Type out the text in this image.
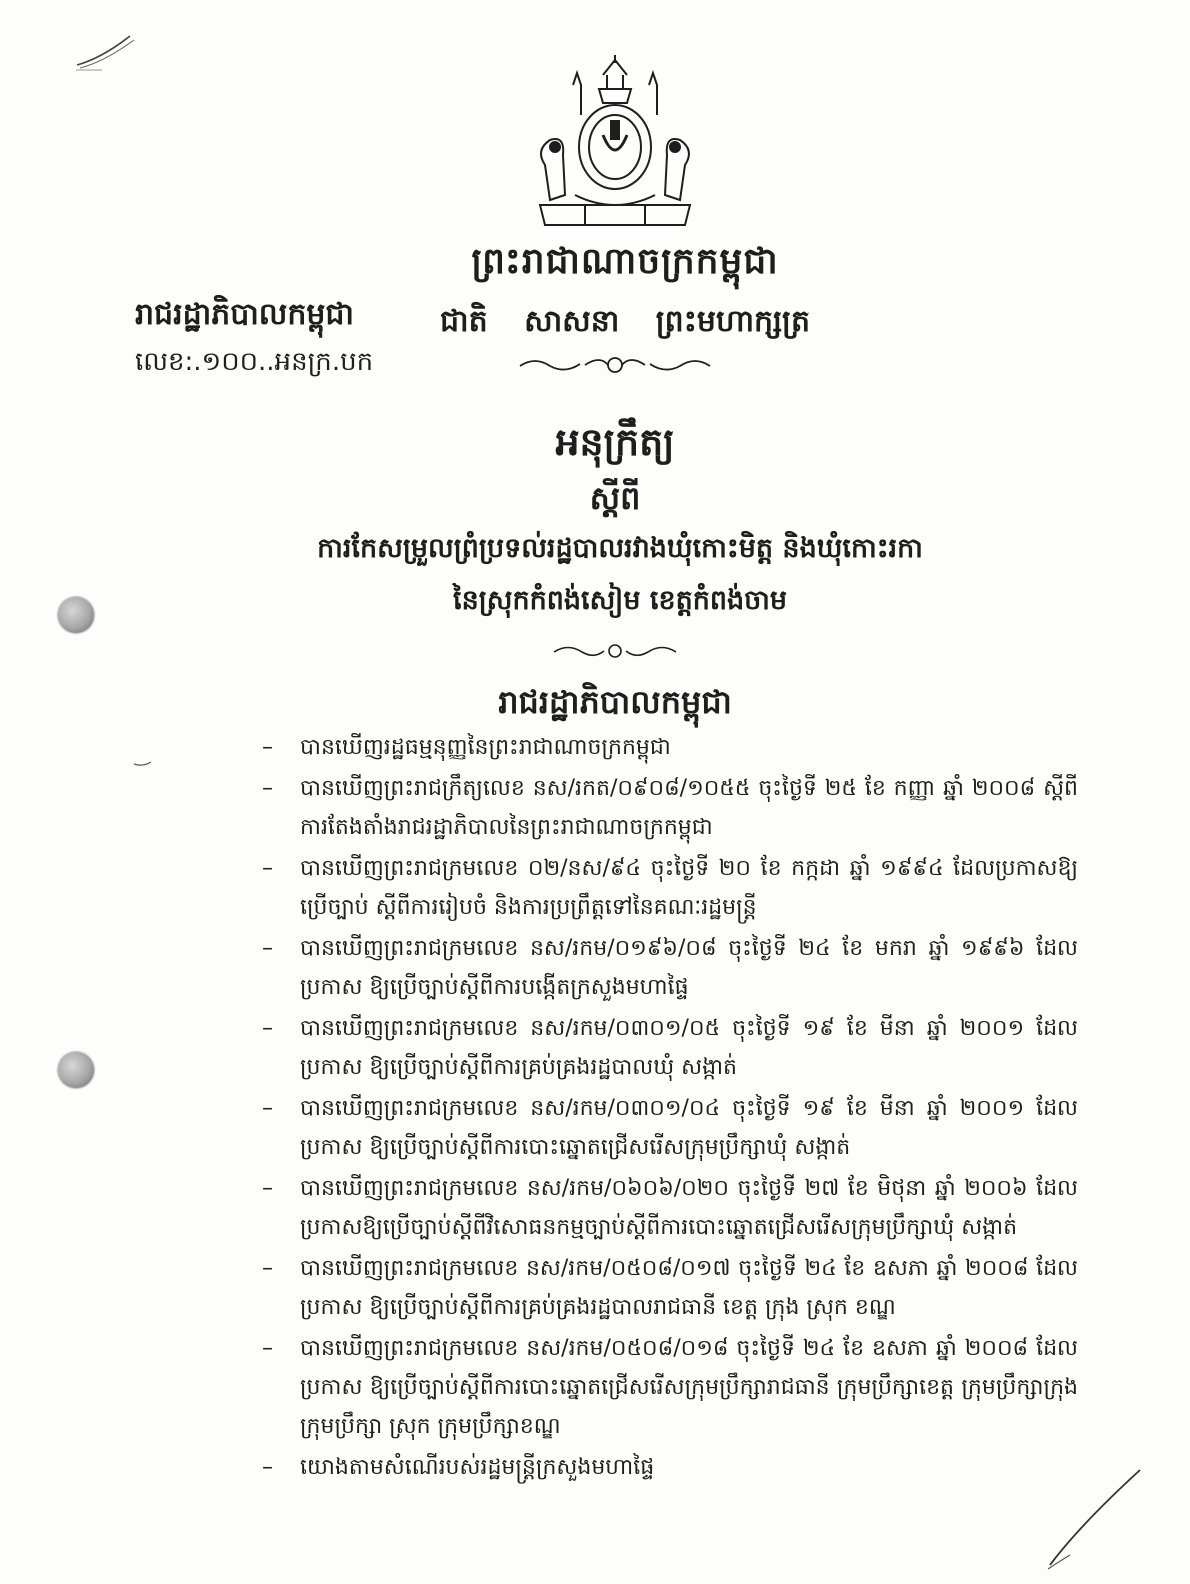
ព្រះរាជាណាចក្រកម្ពុជា
ជាតិ សាសនា ព្រះមហាក្សត្រ
រាជរដ្ឋាភិបាលកម្ពុជា
លេខ:.១០០..អនក្រ.បក
អនុក្រឹត្យ
ស្តីពី
ការកែសម្រួលព្រំប្រទល់រដ្ឋបាលរវាងឃុំកោះមិត្ត និងឃុំកោះរកា
នៃស្រុកកំពង់សៀម ខេត្តកំពង់ចាម
រាជរដ្ឋាភិបាលកម្ពុជា
–	បានឃើញរដ្ឋធម្មនុញ្ញនៃព្រះរាជាណាចក្រកម្ពុជា
–	បានឃើញព្រះរាជក្រឹត្យលេខ នស/រកត/០៩០៨/១០៥៥ ចុះថ្ងៃទី ២៥ ខែ កញ្ញា ឆ្នាំ ២០០៨ ស្តីពី ការតែងតាំងរាជរដ្ឋាភិបាលនៃព្រះរាជាណាចក្រកម្ពុជា
–	បានឃើញព្រះរាជក្រមលេខ ០២/នស/៩៤ ចុះថ្ងៃទី ២០ ខែ កក្កដា ឆ្នាំ ១៩៩៤ ដែលប្រកាសឱ្យប្រើច្បាប់ ស្តីពីការរៀបចំ និងការប្រព្រឹត្តទៅនៃគណៈរដ្ឋមន្ត្រី
–	បានឃើញព្រះរាជក្រមលេខ នស/រកម/០១៩៦/០៨ ចុះថ្ងៃទី ២៤ ខែ មករា ឆ្នាំ ១៩៩៦ ដែលប្រកាស ឱ្យប្រើច្បាប់ស្តីពីការបង្កើតក្រសួងមហាផ្ទៃ
–	បានឃើញព្រះរាជក្រមលេខ នស/រកម/០៣០១/០៥ ចុះថ្ងៃទី ១៩ ខែ មីនា ឆ្នាំ ២០០១ ដែលប្រកាស ឱ្យប្រើច្បាប់ស្តីពីការគ្រប់គ្រងរដ្ឋបាលឃុំ សង្កាត់
–	បានឃើញព្រះរាជក្រមលេខ នស/រកម/០៣០១/០៤ ចុះថ្ងៃទី ១៩ ខែ មីនា ឆ្នាំ ២០០១ ដែលប្រកាស ឱ្យប្រើច្បាប់ស្តីពីការបោះឆ្នោតជ្រើសរើសក្រុមប្រឹក្សាឃុំ សង្កាត់
–	បានឃើញព្រះរាជក្រមលេខ នស/រកម/០៦០៦/០២០ ចុះថ្ងៃទី ២៧ ខែ មិថុនា ឆ្នាំ ២០០៦ ដែល ប្រកាសឱ្យប្រើច្បាប់ស្តីពីវិសោធនកម្មច្បាប់ស្តីពីការបោះឆ្នោតជ្រើសរើសក្រុមប្រឹក្សាឃុំ សង្កាត់
–	បានឃើញព្រះរាជក្រមលេខ នស/រកម/០៥០៨/០១៧ ចុះថ្ងៃទី ២៤ ខែ ឧសភា ឆ្នាំ ២០០៨ ដែលប្រកាស ឱ្យប្រើច្បាប់ស្តីពីការគ្រប់គ្រងរដ្ឋបាលរាជធានី ខេត្ត ក្រុង ស្រុក ខណ្ឌ
–	បានឃើញព្រះរាជក្រមលេខ នស/រកម/០៥០៨/០១៨ ចុះថ្ងៃទី ២៤ ខែ ឧសភា ឆ្នាំ ២០០៨ ដែលប្រកាស ឱ្យប្រើច្បាប់ស្តីពីការបោះឆ្នោតជ្រើសរើសក្រុមប្រឹក្សារាជធានី ក្រុមប្រឹក្សាខេត្ត ក្រុមប្រឹក្សាក្រុង ក្រុមប្រឹក្សា ស្រុក ក្រុមប្រឹក្សាខណ្ឌ
–	យោងតាមសំណើរបស់រដ្ឋមន្ត្រីក្រសួងមហាផ្ទៃ
